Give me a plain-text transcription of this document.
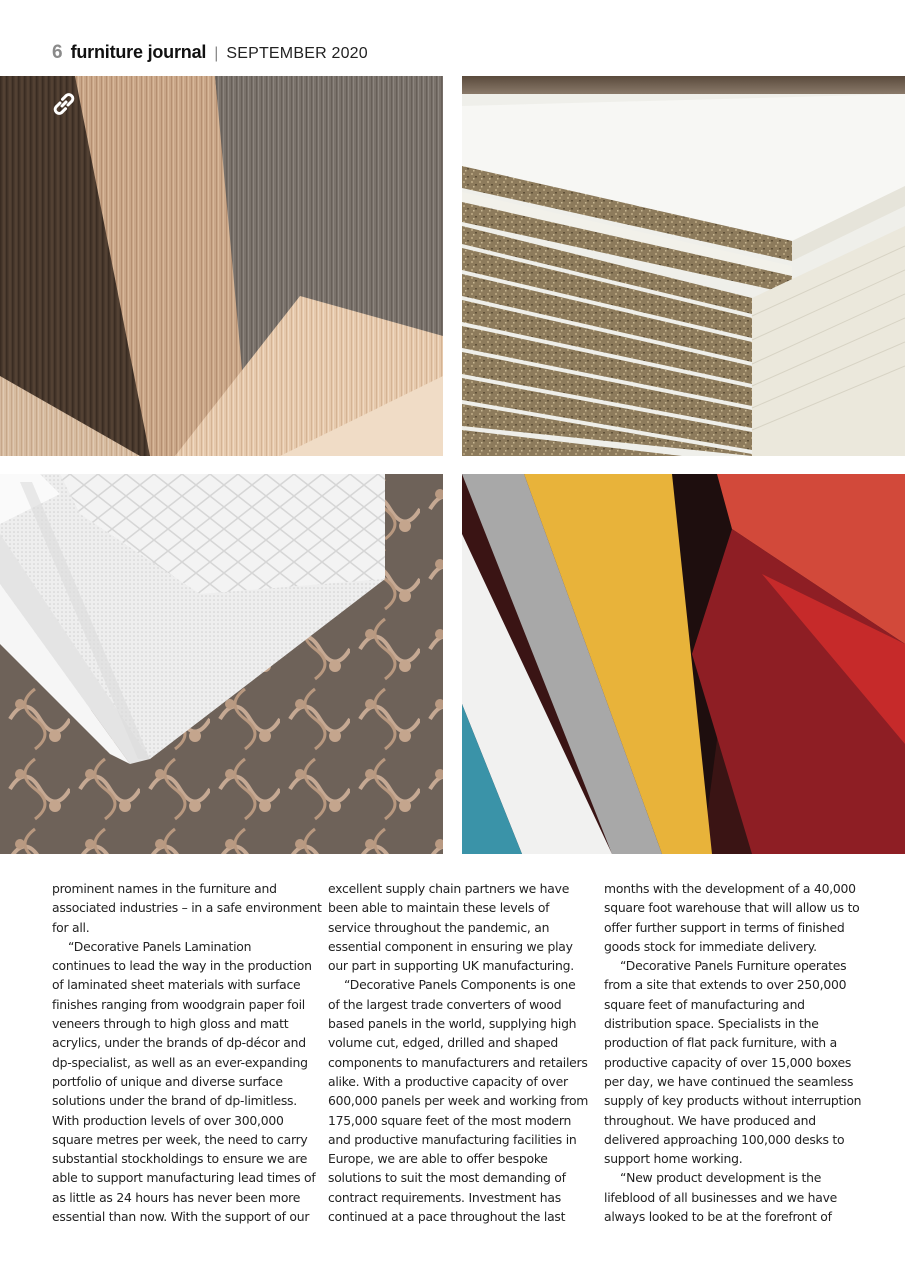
6 furniture journal | SEPTEMBER 2020
prominent names in the furniture and
associated industries – in a safe environment
for all.
“Decorative Panels Lamination
continues to lead the way in the production
of laminated sheet materials with surface
finishes ranging from woodgrain paper foil
veneers through to high gloss and matt
acrylics, under the brands of dp-décor and
dp-specialist, as well as an ever-expanding
portfolio of unique and diverse surface
solutions under the brand of dp-limitless.
With production levels of over 300,000
square metres per week, the need to carry
substantial stockholdings to ensure we are
able to support manufacturing lead times of
as little as 24 hours has never been more
essential than now. With the support of our
excellent supply chain partners we have
been able to maintain these levels of
service throughout the pandemic, an
essential component in ensuring we play
our part in supporting UK manufacturing.
“Decorative Panels Components is one
of the largest trade converters of wood
based panels in the world, supplying high
volume cut, edged, drilled and shaped
components to manufacturers and retailers
alike. With a productive capacity of over
600,000 panels per week and working from
175,000 square feet of the most modern
and productive manufacturing facilities in
Europe, we are able to offer bespoke
solutions to suit the most demanding of
contract requirements. Investment has
continued at a pace throughout the last
months with the development of a 40,000
square foot warehouse that will allow us to
offer further support in terms of finished
goods stock for immediate delivery.
“Decorative Panels Furniture operates
from a site that extends to over 250,000
square feet of manufacturing and
distribution space. Specialists in the
production of flat pack furniture, with a
productive capacity of over 15,000 boxes
per day, we have continued the seamless
supply of key products without interruption
throughout. We have produced and
delivered approaching 100,000 desks to
support home working.
“New product development is the
lifeblood of all businesses and we have
always looked to be at the forefront of
